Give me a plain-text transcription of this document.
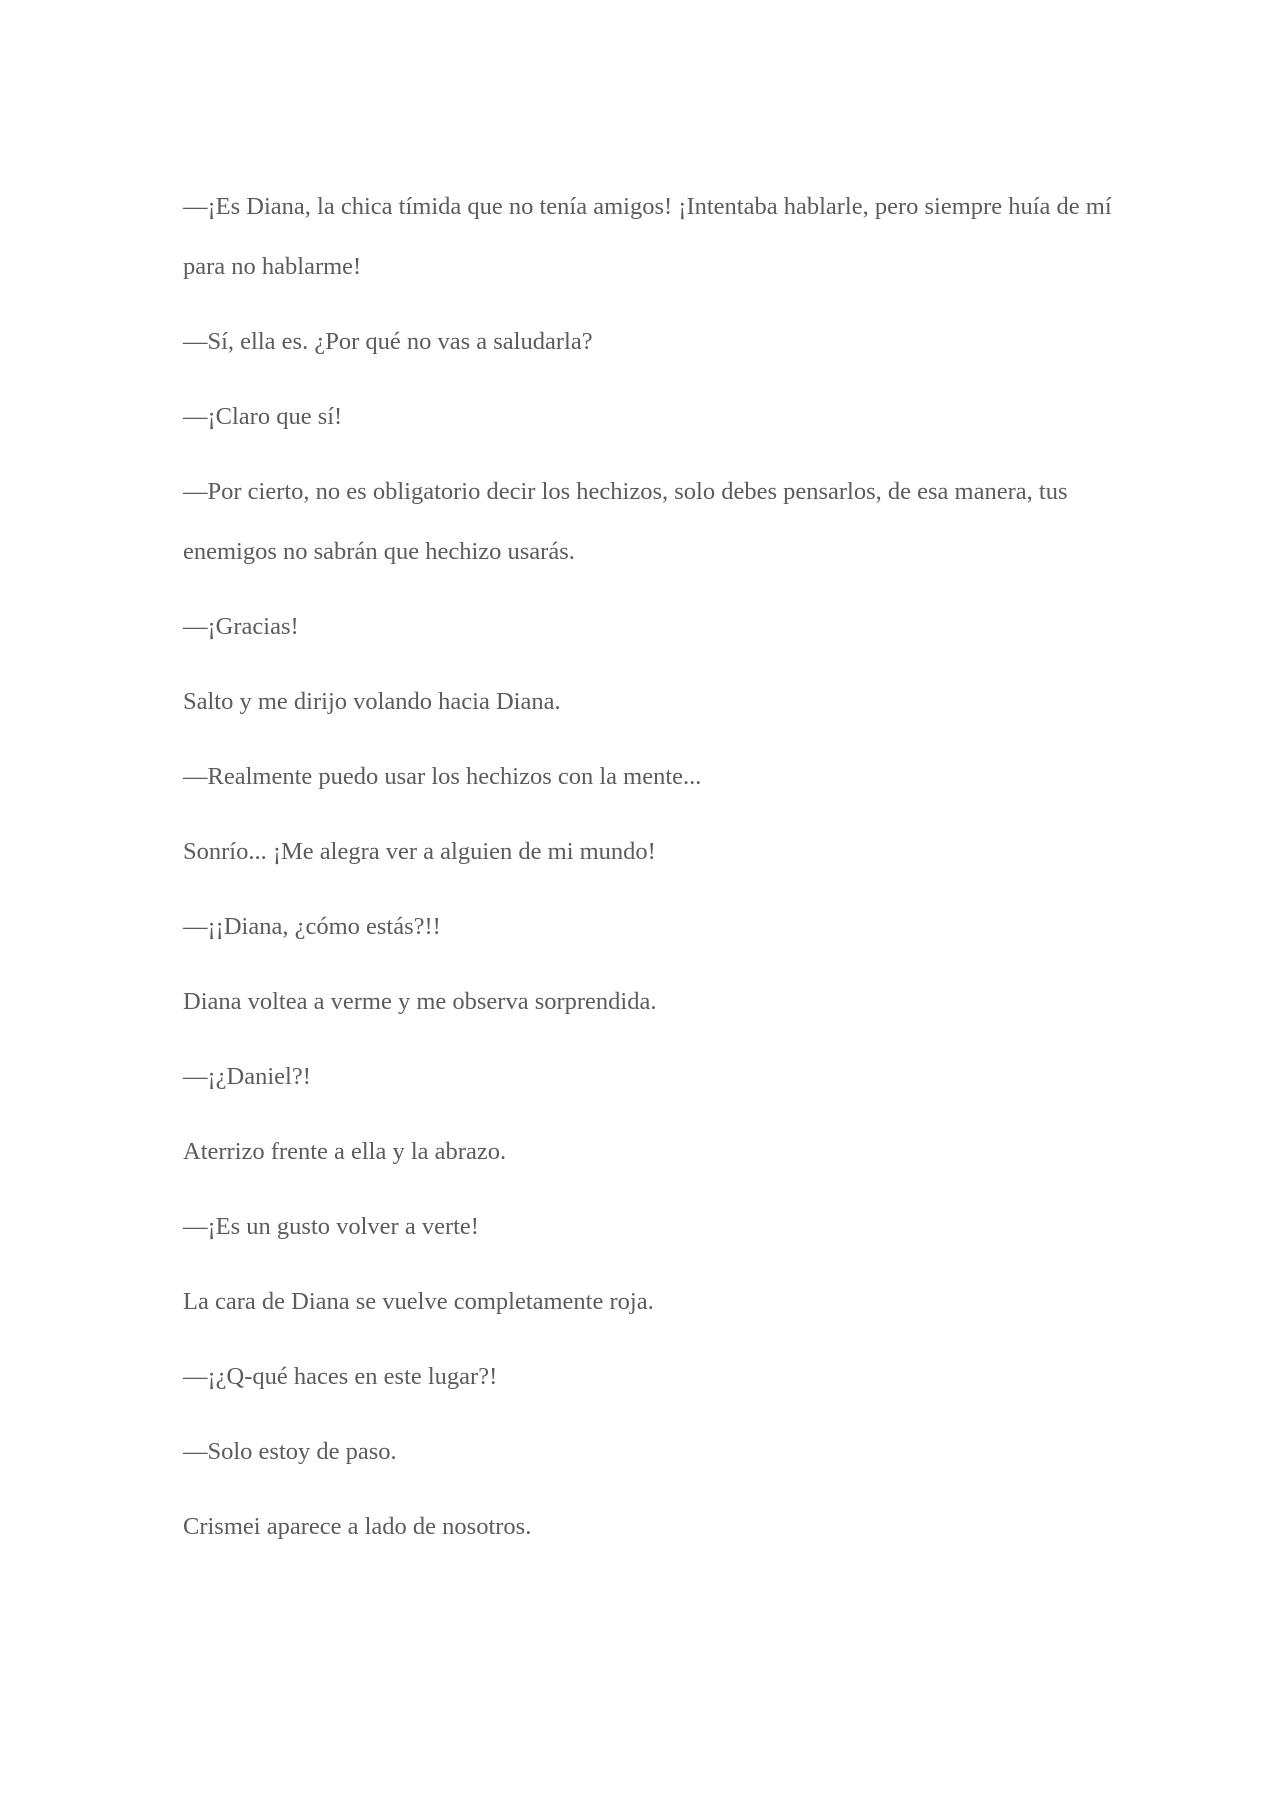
—¡Es Diana, la chica tímida que no tenía amigos! ¡Intentaba hablarle, pero siempre huía de mí para no hablarme!

—Sí, ella es. ¿Por qué no vas a saludarla?

—¡Claro que sí!

—Por cierto, no es obligatorio decir los hechizos, solo debes pensarlos, de esa manera, tus enemigos no sabrán que hechizo usarás.

—¡Gracias!

Salto y me dirijo volando hacia Diana.

—Realmente puedo usar los hechizos con la mente...

Sonrío... ¡Me alegra ver a alguien de mi mundo!

—¡¡Diana, ¿cómo estás?!!

Diana voltea a verme y me observa sorprendida.

—¡¿Daniel?!

Aterrizo frente a ella y la abrazo.

—¡Es un gusto volver a verte!

La cara de Diana se vuelve completamente roja.

—¡¿Q-qué haces en este lugar?!

—Solo estoy de paso.

Crismei aparece a lado de nosotros.
